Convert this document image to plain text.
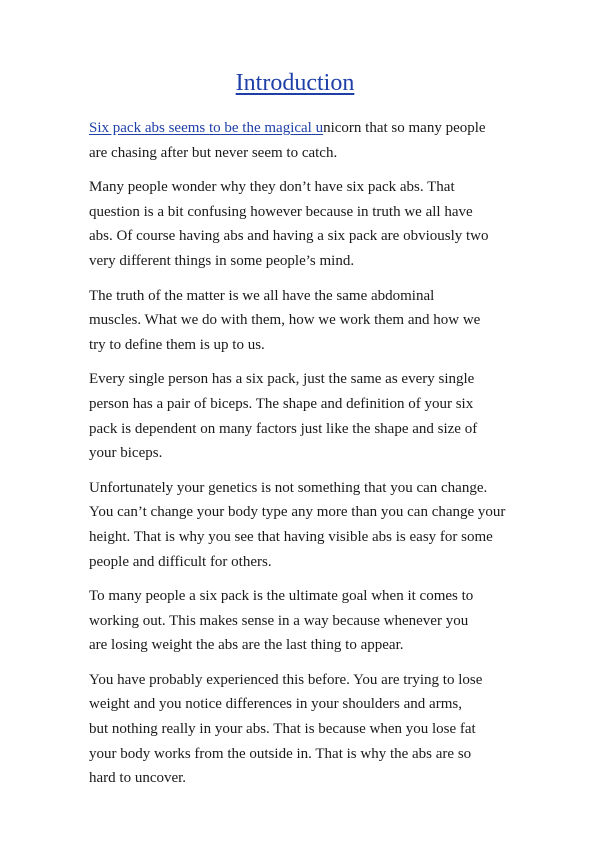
Introduction

Six pack abs seems to be the magical unicorn that so many people
are chasing after but never seem to catch.

Many people wonder why they don’t have six pack abs. That
question is a bit confusing however because in truth we all have
abs. Of course having abs and having a six pack are obviously two
very different things in some people’s mind.

The truth of the matter is we all have the same abdominal
muscles. What we do with them, how we work them and how we
try to define them is up to us.

Every single person has a six pack, just the same as every single
person has a pair of biceps. The shape and definition of your six
pack is dependent on many factors just like the shape and size of
your biceps.

Unfortunately your genetics is not something that you can change.
You can’t change your body type any more than you can change your
height. That is why you see that having visible abs is easy for some
people and difficult for others.

To many people a six pack is the ultimate goal when it comes to
working out. This makes sense in a way because whenever you
are losing weight the abs are the last thing to appear.

You have probably experienced this before. You are trying to lose
weight and you notice differences in your shoulders and arms,
but nothing really in your abs. That is because when you lose fat
your body works from the outside in. That is why the abs are so
hard to uncover.
